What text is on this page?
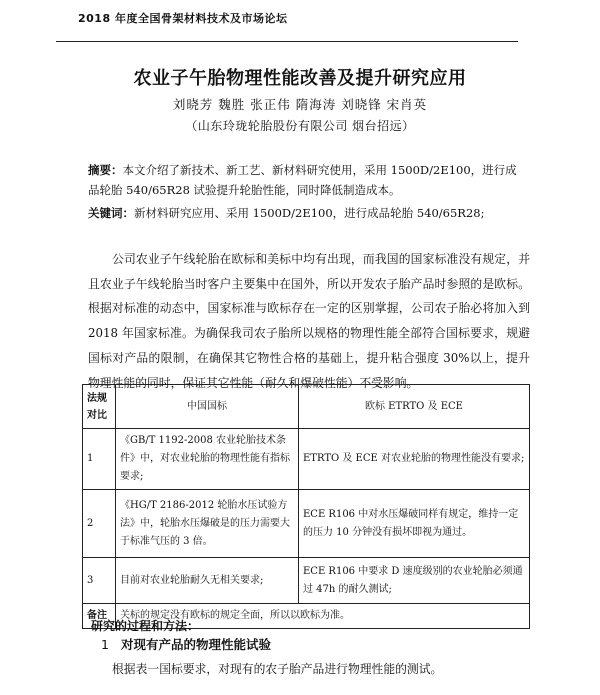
2018 年度全国骨架材料技术及市场论坛
农业子午胎物理性能改善及提升研究应用
刘晓芳 魏胜 张正伟 隋海涛 刘晓锋 宋肖英
（山东玲珑轮胎股份有限公司 烟台招远）
摘要：本文介绍了新技术、新工艺、新材料研究使用，采用 1500D/2E100，进行成品轮胎 540/65R28 试验提升轮胎性能，同时降低制造成本。
关键词：新材料研究应用、采用 1500D/2E100，进行成品轮胎 540/65R28;

公司农业子午线轮胎在欧标和美标中均有出现，而我国的国家标准没有规定，并且农业子午线轮胎当时客户主要集中在国外，所以开发农子胎产品时参照的是欧标。根据对标准的动态中，国家标准与欧标存在一定的区别掌握，公司农子胎必将加入到 2018 年国家标准。为确保我司农子胎所以规格的物理性能全部符合国标要求，规避国标对产品的限制，在确保其它物性合格的基础上，提升粘合强度 30%以上，提升物理性能的同时，保证其它性能（耐久和爆破性能）不受影响。

法规对比	中国国标	欧标 ETRTO 及 ECE
1	《GB/T 1192-2008 农业轮胎技术条件》中，对农业轮胎的物理性能有指标要求;	ETRTO 及 ECE 对农业轮胎的物理性能没有要求;
2	《HG/T 2186-2012 轮胎水压试验方法》中，轮胎水压爆破是的压力需要大于标准气压的 3 倍。	ECE R106 中对水压爆破同样有规定，维持一定的压力 10 分钟没有损坏即视为通过。
3	目前对农业轮胎耐久无相关要求;	ECE R106 中要求 D 速度级别的农业轮胎必须通过 47h 的耐久测试;
备注	关标的规定没有欧标的规定全面，所以以欧标为准。	
研究的过程和方法：
1 对现有产品的物理性能试验
根据表一国标要求，对现有的农子胎产品进行物理性能的测试。
